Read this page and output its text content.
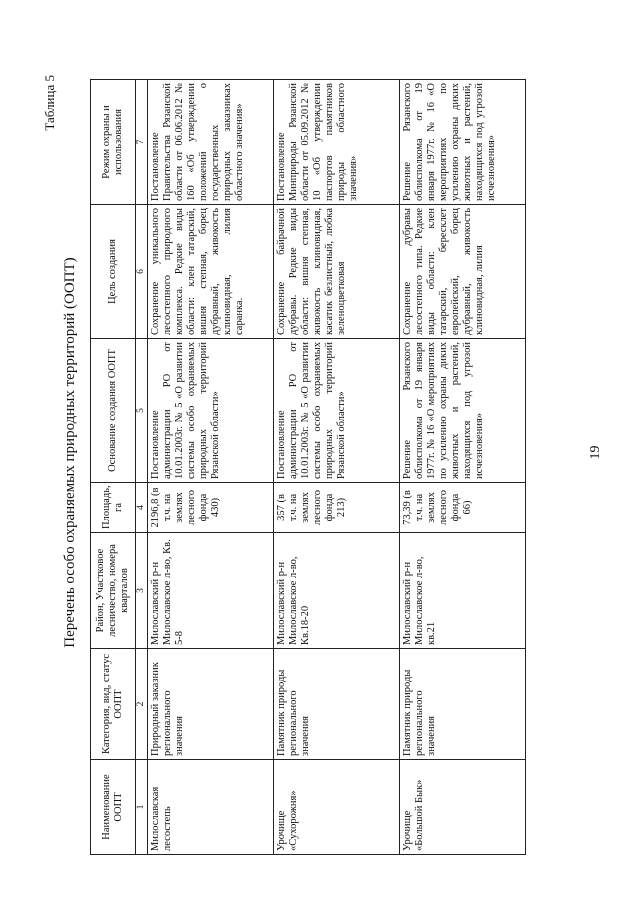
Таблица 5
Перечень особо охраняемых природных территорий (ООПТ)
Наименование ООПТ	Категория, вид, статус ООПТ	Район, Участковое лесничество, номера кварталов	Площадь, га	Основание создания ООПТ	Цель создания	Режим охраны и использования
1	2	3	4	5	6	7
Милославская лесостепь	Природный заказник регионального значения	Милославский р-н Милославское л-во, Кв. 5-8	2196,8 (в т.ч. на землях лесного фонда 430)	Постановление администрации РО от 10.01.2003г. № 5 «О развитии системы особо охраняемых природных территорий Рязанской области»	Сохранение уникального лесостепного природного комплекса. Редкие виды области: клен татарский, вишня степная, борец дубравный, живокость клиновидная, лилия саранка.	Постановление Правительства Рязанской области от 06.06.2012 № 160 «Об утверждении положений о государственных природных заказниках областного значения»
Урочище «Сухорожня»	Памятник природы регионального значения	Милославский р-н Милославское л-во, Кв.18-20	357 (в т.ч. на землях лесного фонда 213)	Постановление администрации РО от 10.01.2003г. № 5 «О развитии системы особо охраняемых природных территорий Рязанской области»	Сохранение байрачной дубравы. Редкие виды области: вишня степная, живокость клиновидная, касатик безлистный, любка зеленоцветковая	Постановление Минприроды Рязанской области от 05.09.2012 № 10 «Об утверждении паспортов памятников природы областного значения»
Урочище «Большой Бык»	Памятник природы регионального значения	Милославский р-н Милославское л-во, кв.21	73,39 (в т.ч. на землях лесного фонда 66)	Решение Рязанского облисполкома от 19 января 1977г. № 16 «О мероприятиях по усилению охраны диких животных и растений, находящихся под угрозой исчезновения»	Сохранение дубравы лесостепного типа. Редкие виды области: клен татарский, бересклет европейский, борец дубравный, живокость клиновидная, лилия	Решение Рязанского облисполкома от 19 января 1977г. № 16 «О мероприятиях по усилению охраны диких животных и растений, находящихся под угрозой исчезновения»
19
